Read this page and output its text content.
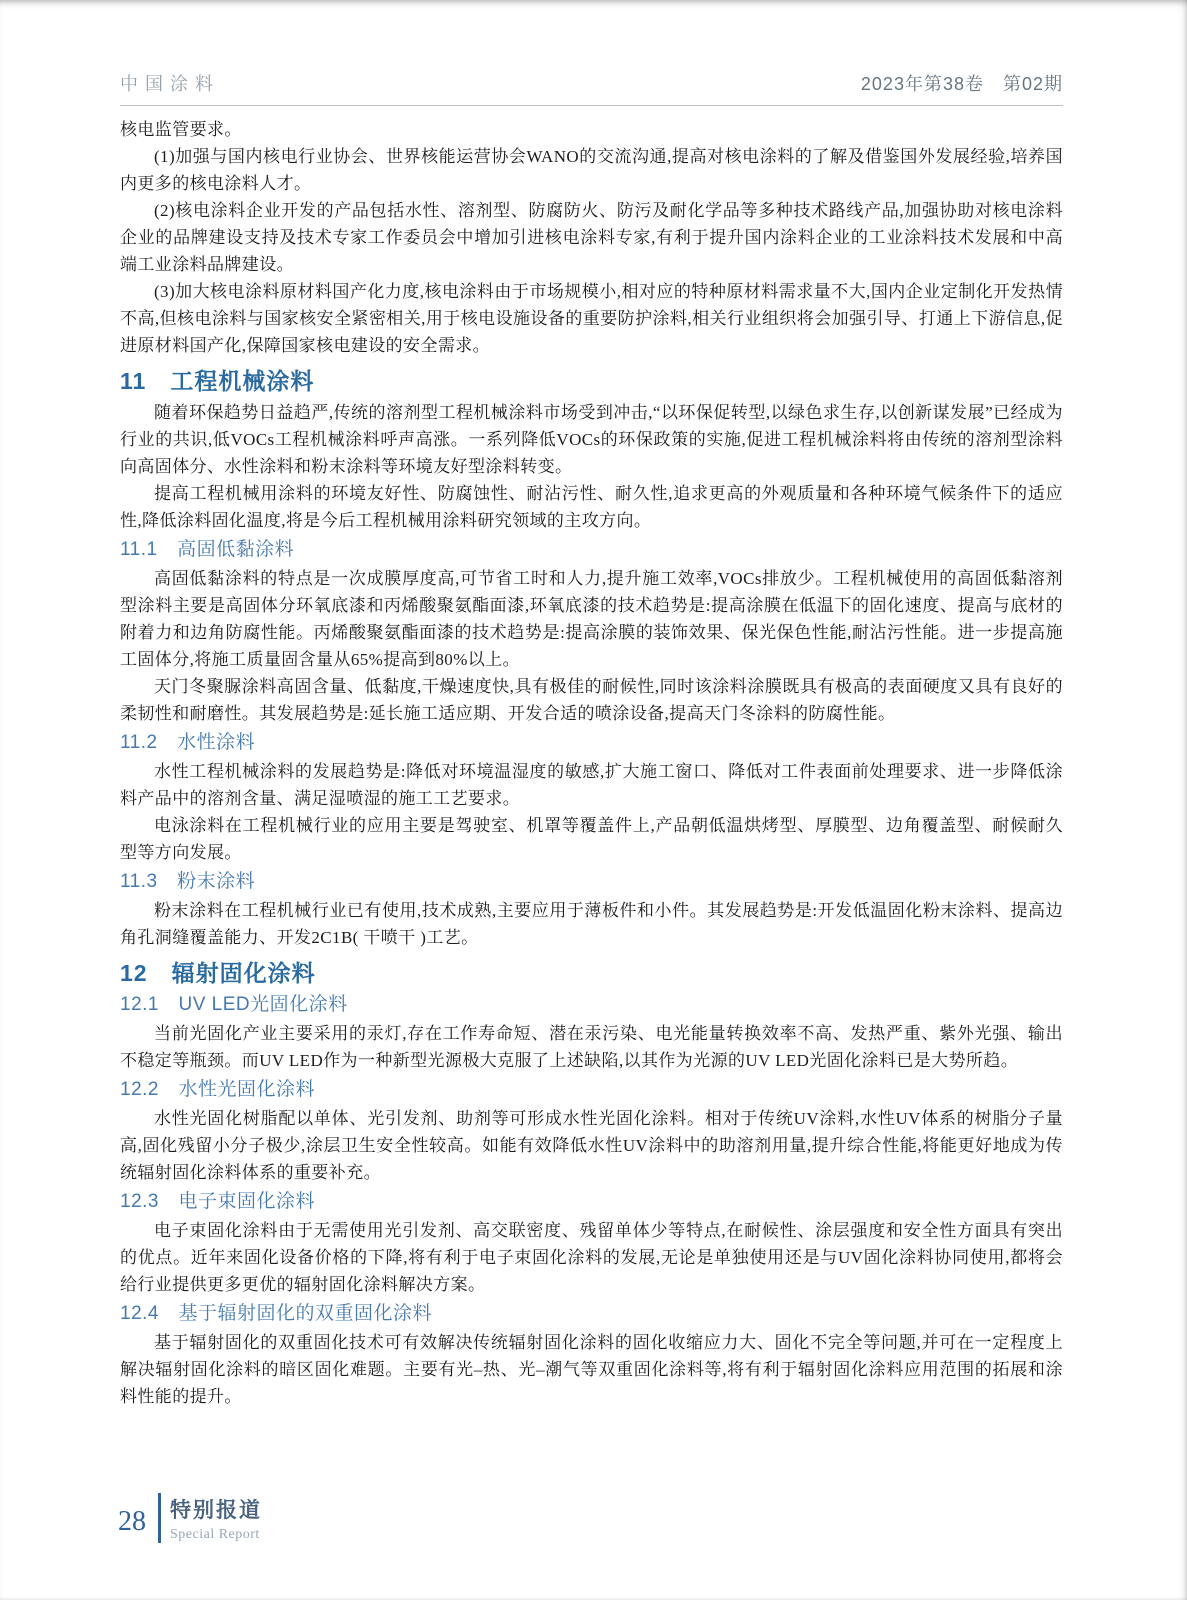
中国涂料	2023年第38卷　第02期

核电监管要求。

(1)加强与国内核电行业协会、世界核能运营协会WANO的交流沟通,提高对核电涂料的了解及借鉴国外发展经验,培养国内更多的核电涂料人才。

(2)核电涂料企业开发的产品包括水性、溶剂型、防腐防火、防污及耐化学品等多种技术路线产品,加强协助对核电涂料企业的品牌建设支持及技术专家工作委员会中增加引进核电涂料专家,有利于提升国内涂料企业的工业涂料技术发展和中高端工业涂料品牌建设。

(3)加大核电涂料原材料国产化力度,核电涂料由于市场规模小,相对应的特种原材料需求量不大,国内企业定制化开发热情不高,但核电涂料与国家核安全紧密相关,用于核电设施设备的重要防护涂料,相关行业组织将会加强引导、打通上下游信息,促进原材料国产化,保障国家核电建设的安全需求。

11　工程机械涂料

随着环保趋势日益趋严,传统的溶剂型工程机械涂料市场受到冲击,“以环保促转型,以绿色求生存,以创新谋发展”已经成为行业的共识,低VOCs工程机械涂料呼声高涨。一系列降低VOCs的环保政策的实施,促进工程机械涂料将由传统的溶剂型涂料向高固体分、水性涂料和粉末涂料等环境友好型涂料转变。

提高工程机械用涂料的环境友好性、防腐蚀性、耐沾污性、耐久性,追求更高的外观质量和各种环境气候条件下的适应性,降低涂料固化温度,将是今后工程机械用涂料研究领域的主攻方向。

11.1　高固低黏涂料

高固低黏涂料的特点是一次成膜厚度高,可节省工时和人力,提升施工效率,VOCs排放少。工程机械使用的高固低黏溶剂型涂料主要是高固体分环氧底漆和丙烯酸聚氨酯面漆,环氧底漆的技术趋势是:提高涂膜在低温下的固化速度、提高与底材的附着力和边角防腐性能。丙烯酸聚氨酯面漆的技术趋势是:提高涂膜的装饰效果、保光保色性能,耐沾污性能。进一步提高施工固体分,将施工质量固含量从65%提高到80%以上。

天门冬聚脲涂料高固含量、低黏度,干燥速度快,具有极佳的耐候性,同时该涂料涂膜既具有极高的表面硬度又具有良好的柔韧性和耐磨性。其发展趋势是:延长施工适应期、开发合适的喷涂设备,提高天门冬涂料的防腐性能。

11.2　水性涂料

水性工程机械涂料的发展趋势是:降低对环境温湿度的敏感,扩大施工窗口、降低对工件表面前处理要求、进一步降低涂料产品中的溶剂含量、满足湿喷湿的施工工艺要求。

电泳涂料在工程机械行业的应用主要是驾驶室、机罩等覆盖件上,产品朝低温烘烤型、厚膜型、边角覆盖型、耐候耐久型等方向发展。

11.3　粉末涂料

粉末涂料在工程机械行业已有使用,技术成熟,主要应用于薄板件和小件。其发展趋势是:开发低温固化粉末涂料、提高边角孔洞缝覆盖能力、开发2C1B( 干喷干 )工艺。

12　辐射固化涂料
12.1　UV LED光固化涂料

当前光固化产业主要采用的汞灯,存在工作寿命短、潜在汞污染、电光能量转换效率不高、发热严重、紫外光强、输出不稳定等瓶颈。而UV LED作为一种新型光源极大克服了上述缺陷,以其作为光源的UV LED光固化涂料已是大势所趋。

12.2　水性光固化涂料

水性光固化树脂配以单体、光引发剂、助剂等可形成水性光固化涂料。相对于传统UV涂料,水性UV体系的树脂分子量高,固化残留小分子极少,涂层卫生安全性较高。如能有效降低水性UV涂料中的助溶剂用量,提升综合性能,将能更好地成为传统辐射固化涂料体系的重要补充。

12.3　电子束固化涂料

电子束固化涂料由于无需使用光引发剂、高交联密度、残留单体少等特点,在耐候性、涂层强度和安全性方面具有突出的优点。近年来固化设备价格的下降,将有利于电子束固化涂料的发展,无论是单独使用还是与UV固化涂料协同使用,都将会给行业提供更多更优的辐射固化涂料解决方案。

12.4　基于辐射固化的双重固化涂料

基于辐射固化的双重固化技术可有效解决传统辐射固化涂料的固化收缩应力大、固化不完全等问题,并可在一定程度上解决辐射固化涂料的暗区固化难题。主要有光–热、光–潮气等双重固化涂料等,将有利于辐射固化涂料应用范围的拓展和涂料性能的提升。

28 特别报道
Special Report
